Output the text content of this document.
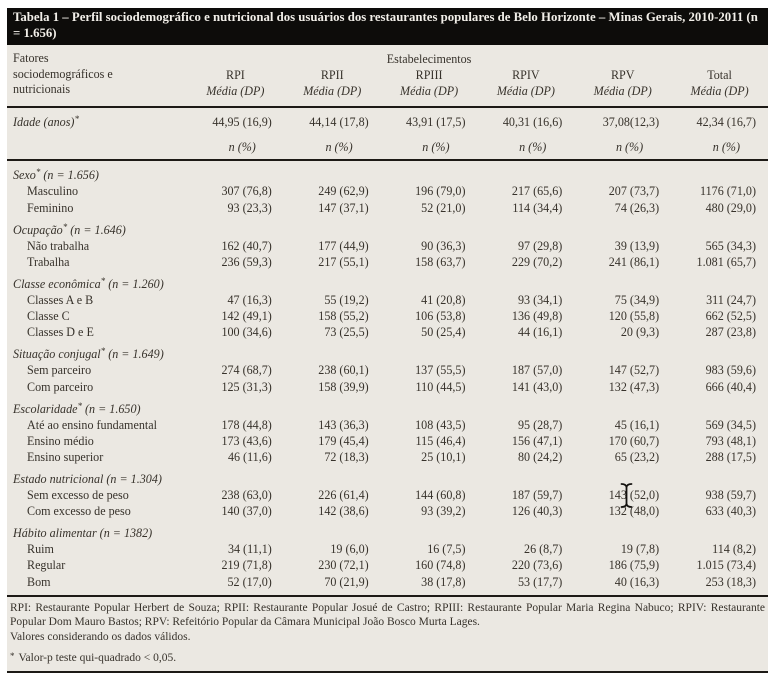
Tabela 1 – Perfil sociodemográfico e nutricional dos usuários dos restaurantes populares de Belo Horizonte – Minas Gerais, 2010-2011 (n = 1.656)
Fatores
sociodemográficos e
nutricionais	Estabelecimentos					
	RPI	RPII	RPIII	RPIV	RPV	Total
	Média (DP)	Média (DP)	Média (DP)	Média (DP)	Média (DP)	Média (DP)
Idade (anos)*	44,95 (16,9)	44,14 (17,8)	43,91 (17,5)	40,31 (16,6)	37,08(12,3)	42,34 (16,7)
	n (%)	n (%)	n (%)	n (%)	n (%)	n (%)
Sexo* (n = 1.656)						
Masculino	307 (76,8)	249 (62,9)	196 (79,0)	217 (65,6)	207 (73,7)	1176 (71,0)
Feminino	93 (23,3)	147 (37,1)	52 (21,0)	114 (34,4)	74 (26,3)	480 (29,0)
Ocupação* (n = 1.646)						
Não trabalha	162 (40,7)	177 (44,9)	90 (36,3)	97 (29,8)	39 (13,9)	565 (34,3)
Trabalha	236 (59,3)	217 (55,1)	158 (63,7)	229 (70,2)	241 (86,1)	1.081 (65,7)
Classe econômica* (n = 1.260)						
Classes A e B	47 (16,3)	55 (19,2)	41 (20,8)	93 (34,1)	75 (34,9)	311 (24,7)
Classe C	142 (49,1)	158 (55,2)	106 (53,8)	136 (49,8)	120 (55,8)	662 (52,5)
Classes D e E	100 (34,6)	73 (25,5)	50 (25,4)	44 (16,1)	20 (9,3)	287 (23,8)
Situação conjugal* (n = 1.649)						
Sem parceiro	274 (68,7)	238 (60,1)	137 (55,5)	187 (57,0)	147 (52,7)	983 (59,6)
Com parceiro	125 (31,3)	158 (39,9)	110 (44,5)	141 (43,0)	132 (47,3)	666 (40,4)
Escolaridade* (n = 1.650)						
Até ao ensino fundamental	178 (44,8)	143 (36,3)	108 (43,5)	95 (28,7)	45 (16,1)	569 (34,5)
Ensino médio	173 (43,6)	179 (45,4)	115 (46,4)	156 (47,1)	170 (60,7)	793 (48,1)
Ensino superior	46 (11,6)	72 (18,3)	25 (10,1)	80 (24,2)	65 (23,2)	288 (17,5)
Estado nutricional (n = 1.304)						
Sem excesso de peso	238 (63,0)	226 (61,4)	144 (60,8)	187 (59,7)	143 (52,0)	938 (59,7)
Com excesso de peso	140 (37,0)	142 (38,6)	93 (39,2)	126 (40,3)	132 (48,0)	633 (40,3)
Hábito alimentar (n = 1382)						
Ruim	34 (11,1)	19 (6,0)	16 (7,5)	26 (8,7)	19 (7,8)	114 (8,2)
Regular	219 (71,8)	230 (72,1)	160 (74,8)	220 (73,6)	186 (75,9)	1.015 (73,4)
Bom	52 (17,0)	70 (21,9)	38 (17,8)	53 (17,7)	40 (16,3)	253 (18,3)

RPI: Restaurante Popular Herbert de Souza; RPII: Restaurante Popular Josué de Castro; RPIII: Restaurante Popular Maria Regina Nabuco; RPIV: Restaurante Popular Dom Mauro Bastos; RPV: Refeitório Popular da Câmara Municipal João Bosco Murta Lages.

Valores considerando os dados válidos.

* Valor-p teste qui-quadrado < 0,05.
